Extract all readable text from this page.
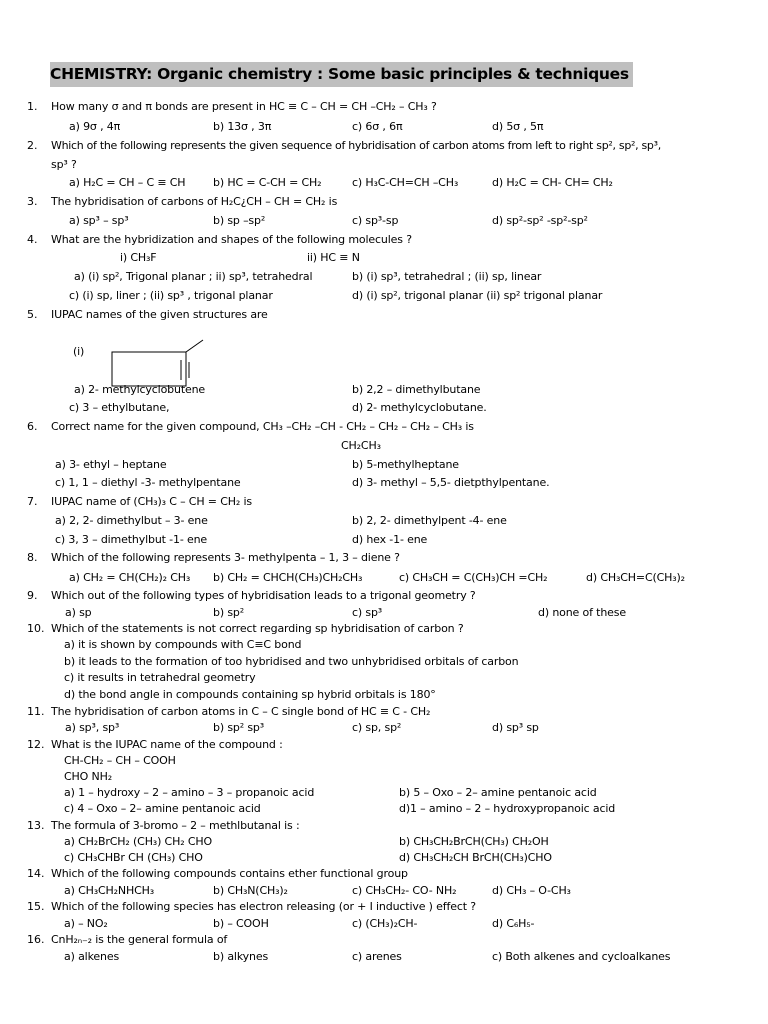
CHEMISTRY: Organic chemistry : Some basic principles & techniques
1. How many σ and π bonds are present in HC ≡ C – CH = CH –CH₂ – CH₃ ?
a) 9σ , 4π	b) 13σ , 3π	c) 6σ , 6π	d) 5σ , 5π
2. Which of the following represents the given sequence of hybridisation of carbon atoms from left to right sp², sp², sp³,
sp³ ?
a) H₂C = CH – C ≡ CH	b) HC = C-CH = CH₂	c) H₃C-CH=CH –CH₃	d) H₂C = CH- CH= CH₂
3. The hybridisation of carbons of H₂C¿CH – CH = CH₂ is
a) sp³ – sp³	b) sp –sp²	c) sp³-sp	d) sp²-sp² -sp²-sp²
4. What are the hybridization and shapes of the following molecules ?
i) CH₃F	ii) HC ≡ N
a) (i) sp², Trigonal planar ; ii) sp³, tetrahedral	b) (i) sp³, tetrahedral ; (ii) sp, linear
c) (i) sp, liner ; (ii) sp³ , trigonal planar	d) (i) sp², trigonal planar (ii) sp² trigonal planar
5. IUPAC names of the given structures are
(i)
a) 2- methylcyclobutene	b) 2,2 – dimethylbutane
c) 3 – ethylbutane,	d) 2- methylcyclobutane.
6. Correct name for the given compound, CH₃ –CH₂ –CH - CH₂ – CH₂ – CH₂ – CH₃ is
CH₂CH₃
a) 3- ethyl – heptane	b) 5-methylheptane
c) 1, 1 – diethyl -3- methylpentane	d) 3- methyl – 5,5- dietpthylpentane.
7. IUPAC name of (CH₃)₃ C – CH = CH₂ is
a) 2, 2- dimethylbut – 3- ene	b) 2, 2- dimethylpent -4- ene
c) 3, 3 – dimethylbut -1- ene	d) hex -1- ene
8. Which of the following represents 3- methylpenta – 1, 3 – diene ?
a) CH₂ = CH(CH₂)₂ CH₃ b) CH₂ = CHCH(CH₃)CH₂CH₃	c) CH₃CH = C(CH₃)CH =CH₂	d) CH₃CH=C(CH₃)₂
9. Which out of the following types of hybridisation leads to a trigonal geometry ?
a) sp	b) sp²	c) sp³	d) none of these
10. Which of the statements is not correct regarding sp hybridisation of carbon ?
a) it is shown by compounds with C≡C bond
b) it leads to the formation of too hybridised and two unhybridised orbitals of carbon
c) it results in tetrahedral geometry
d) the bond angle in compounds containing sp hybrid orbitals is 180°
11. The hybridisation of carbon atoms in C – C single bond of HC ≡ C - CH₂
a) sp³, sp³	b) sp² sp³	c) sp, sp²	d) sp³ sp
12. What is the IUPAC name of the compound :
CH-CH₂ – CH – COOH
CHO NH₂
a) 1 – hydroxy – 2 – amino – 3 – propanoic acid	b) 5 – Oxo – 2– amine pentanoic acid
c) 4 – Oxo – 2– amine pentanoic acid	d)1 – amino – 2 – hydroxypropanoic acid
13. The formula of 3-bromo – 2 – methlbutanal is :
a) CH₂BrCH₂ (CH₃) CH₂ CHO	b) CH₃CH₂BrCH(CH₃) CH₂OH
c) CH₃CHBr CH (CH₃) CHO	d) CH₃CH₂CH BrCH(CH₃)CHO
14. Which of the following compounds contains ether functional group
a) CH₃CH₂NHCH₃	b) CH₃N(CH₃)₂	c) CH₃CH₂- CO- NH₂	d) CH₃ – O-CH₃
15. Which of the following species has electron releasing (or + I inductive ) effect ?
a) – NO₂	b) – COOH	c) (CH₃)₂CH-	d) C₆H₅-
16. CnH₂ₙ₋₂ is the general formula of
a) alkenes	b) alkynes	c) arenes	c) Both alkenes and cycloalkanes
